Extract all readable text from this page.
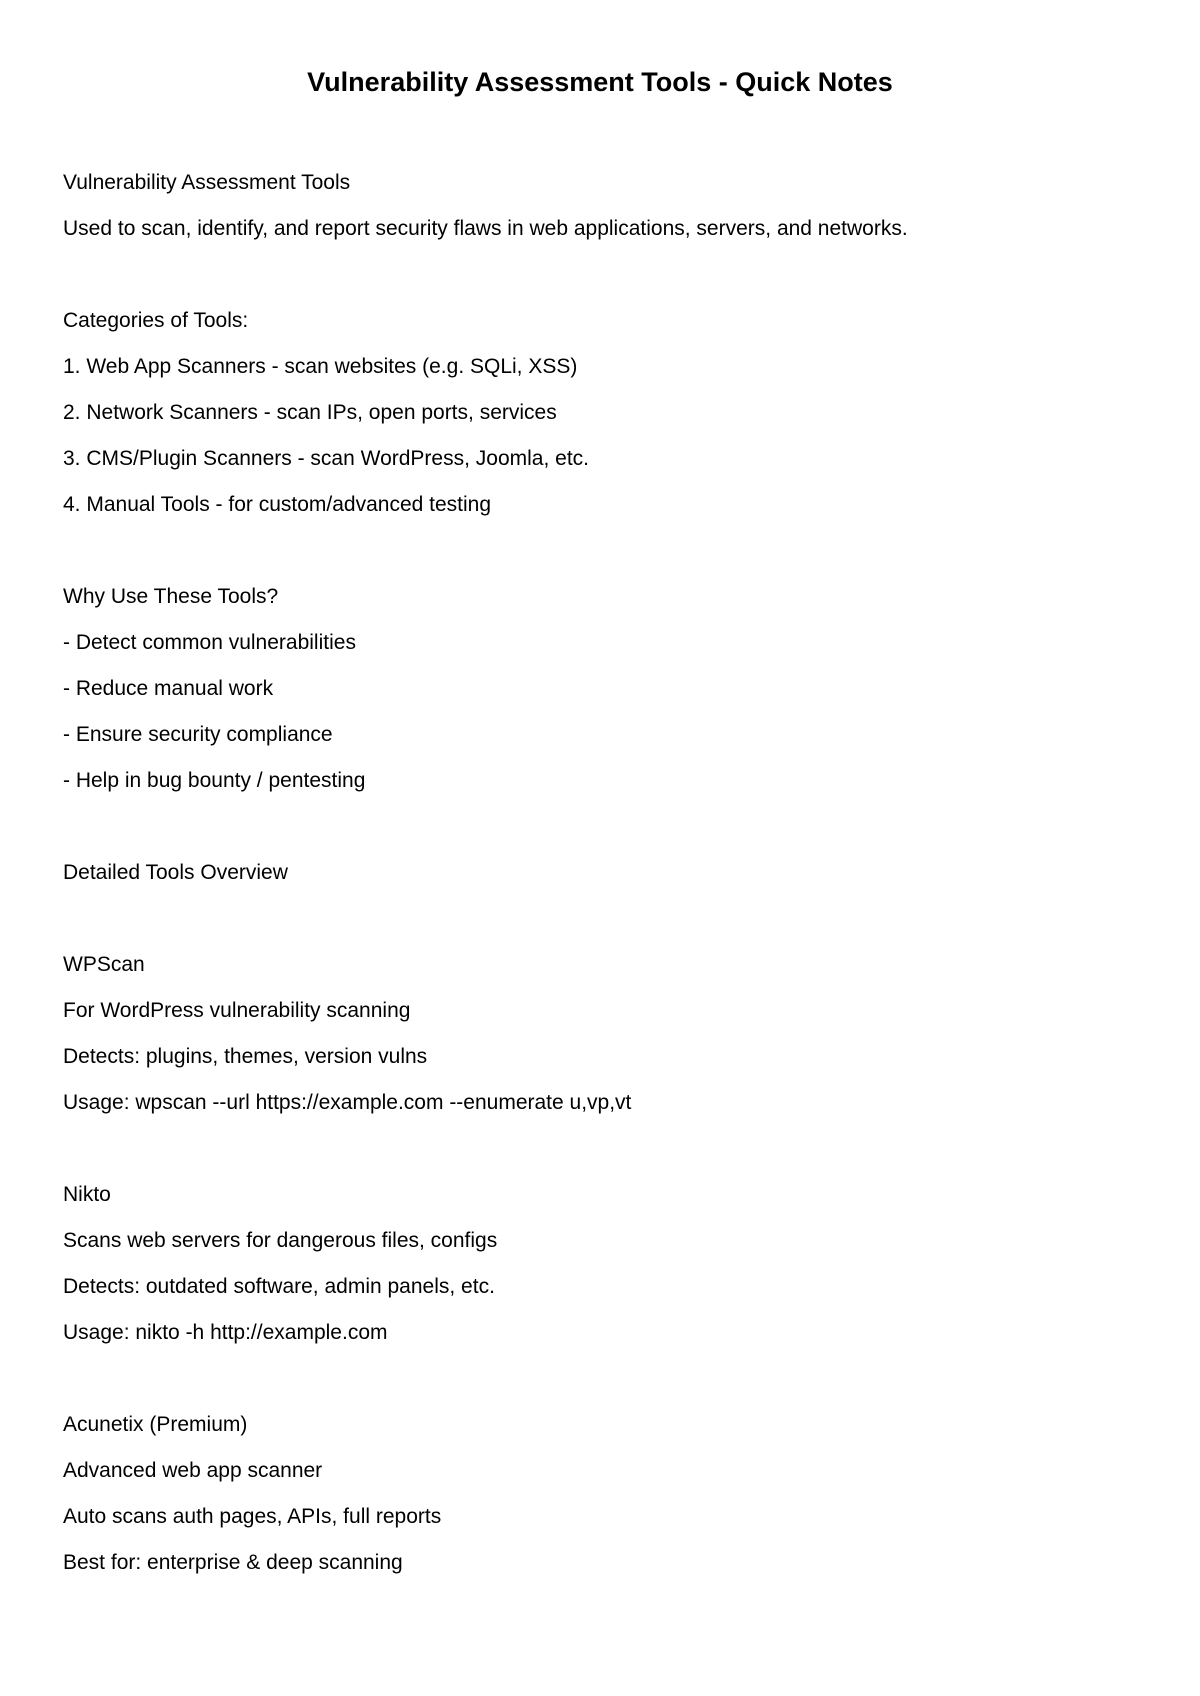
Vulnerability Assessment Tools - Quick Notes
Vulnerability Assessment Tools
Used to scan, identify, and report security flaws in web applications, servers, and networks.
Categories of Tools:
1. Web App Scanners - scan websites (e.g. SQLi, XSS)
2. Network Scanners - scan IPs, open ports, services
3. CMS/Plugin Scanners - scan WordPress, Joomla, etc.
4. Manual Tools - for custom/advanced testing
Why Use These Tools?
- Detect common vulnerabilities
- Reduce manual work
- Ensure security compliance
- Help in bug bounty / pentesting
Detailed Tools Overview
WPScan
For WordPress vulnerability scanning
Detects: plugins, themes, version vulns
Usage: wpscan --url https://example.com --enumerate u,vp,vt
Nikto
Scans web servers for dangerous files, configs
Detects: outdated software, admin panels, etc.
Usage: nikto -h http://example.com
Acunetix (Premium)
Advanced web app scanner
Auto scans auth pages, APIs, full reports
Best for: enterprise & deep scanning
